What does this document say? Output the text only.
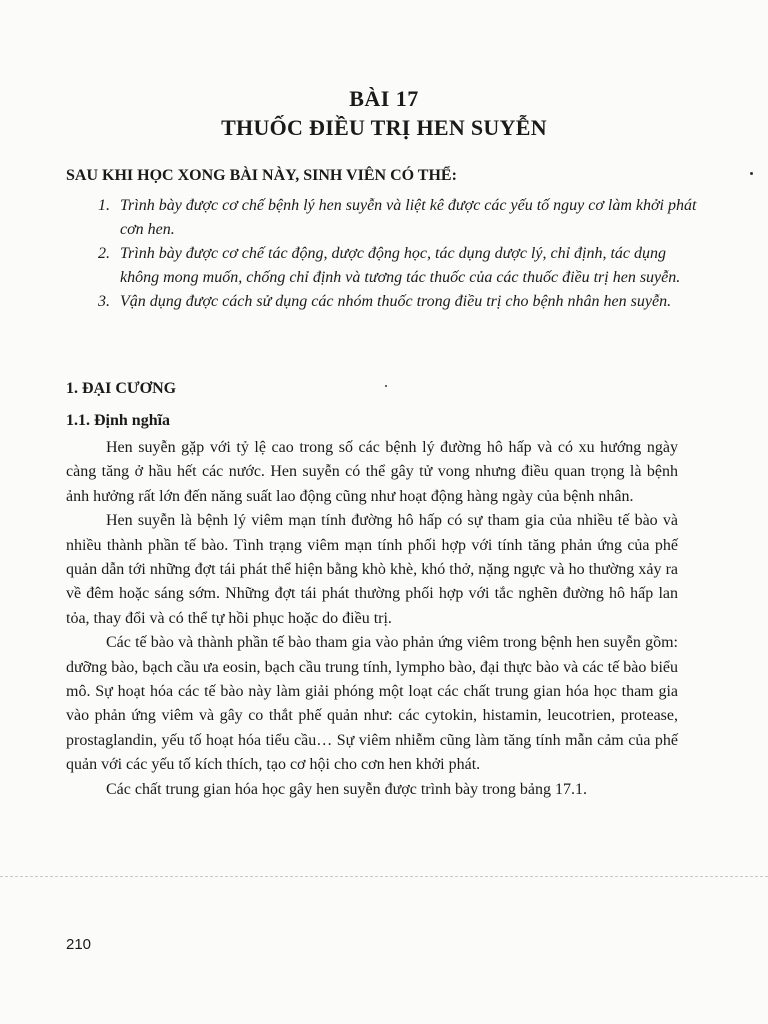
BÀI 17
THUỐC ĐIỀU TRỊ HEN SUYỄN
SAU KHI HỌC XONG BÀI NÀY, SINH VIÊN CÓ THỂ:
1. Trình bày được cơ chế bệnh lý hen suyễn và liệt kê được các yếu tố nguy cơ làm khởi phát cơn hen.
2. Trình bày được cơ chế tác động, dược động học, tác dụng dược lý, chỉ định, tác dụng không mong muốn, chống chỉ định và tương tác thuốc của các thuốc điều trị hen suyễn.
3. Vận dụng được cách sử dụng các nhóm thuốc trong điều trị cho bệnh nhân hen suyễn.
1. ĐẠI CƯƠNG
1.1. Định nghĩa

Hen suyễn gặp với tỷ lệ cao trong số các bệnh lý đường hô hấp và có xu hướng ngày càng tăng ở hầu hết các nước. Hen suyễn có thể gây tử vong nhưng điều quan trọng là bệnh ảnh hưởng rất lớn đến năng suất lao động cũng như hoạt động hàng ngày của bệnh nhân.

Hen suyễn là bệnh lý viêm mạn tính đường hô hấp có sự tham gia của nhiều tế bào và nhiều thành phần tế bào. Tình trạng viêm mạn tính phối hợp với tính tăng phản ứng của phế quản dẫn tới những đợt tái phát thể hiện bằng khò khè, khó thở, nặng ngực và ho thường xảy ra về đêm hoặc sáng sớm. Những đợt tái phát thường phối hợp với tắc nghẽn đường hô hấp lan tỏa, thay đổi và có thể tự hồi phục hoặc do điều trị.

Các tế bào và thành phần tế bào tham gia vào phản ứng viêm trong bệnh hen suyễn gồm: dưỡng bào, bạch cầu ưa eosin, bạch cầu trung tính, lympho bào, đại thực bào và các tế bào biểu mô. Sự hoạt hóa các tế bào này làm giải phóng một loạt các chất trung gian hóa học tham gia vào phản ứng viêm và gây co thắt phế quản như: các cytokin, histamin, leucotrien, protease, prostaglandin, yếu tố hoạt hóa tiểu cầu… Sự viêm nhiễm cũng làm tăng tính mẫn cảm của phế quản với các yếu tố kích thích, tạo cơ hội cho cơn hen khởi phát.

Các chất trung gian hóa học gây hen suyễn được trình bày trong bảng 17.1.

210
